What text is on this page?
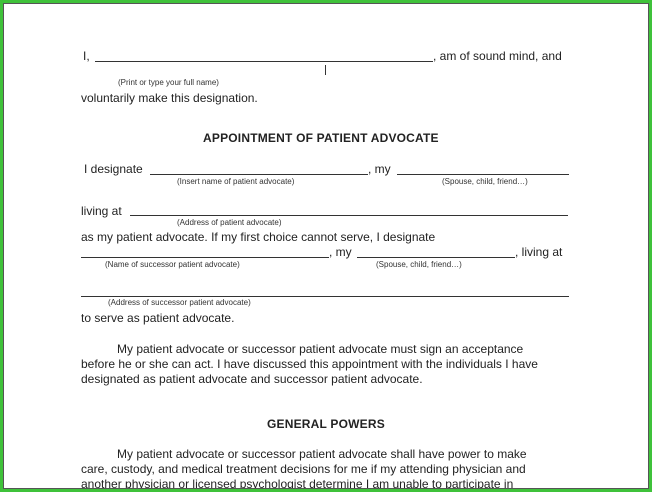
I,	, am of sound mind, and
(Print or type your full name)
voluntarily make this designation.
APPOINTMENT OF PATIENT ADVOCATE
I designate	, my
(Insert name of patient advocate)	(Spouse, child, friend…)
living at
(Address of patient advocate)
as my patient advocate. If my first choice cannot serve, I designate
, my	, living at
(Name of successor patient advocate)	(Spouse, child, friend…)
(Address of successor patient advocate)
to serve as patient advocate.
My patient advocate or successor patient advocate must sign an acceptance
before he or she can act. I have discussed this appointment with the individuals I have
designated as patient advocate and successor patient advocate.
GENERAL POWERS
My patient advocate or successor patient advocate shall have power to make
care, custody, and medical treatment decisions for me if my attending physician and
another physician or licensed psychologist determine I am unable to participate in
